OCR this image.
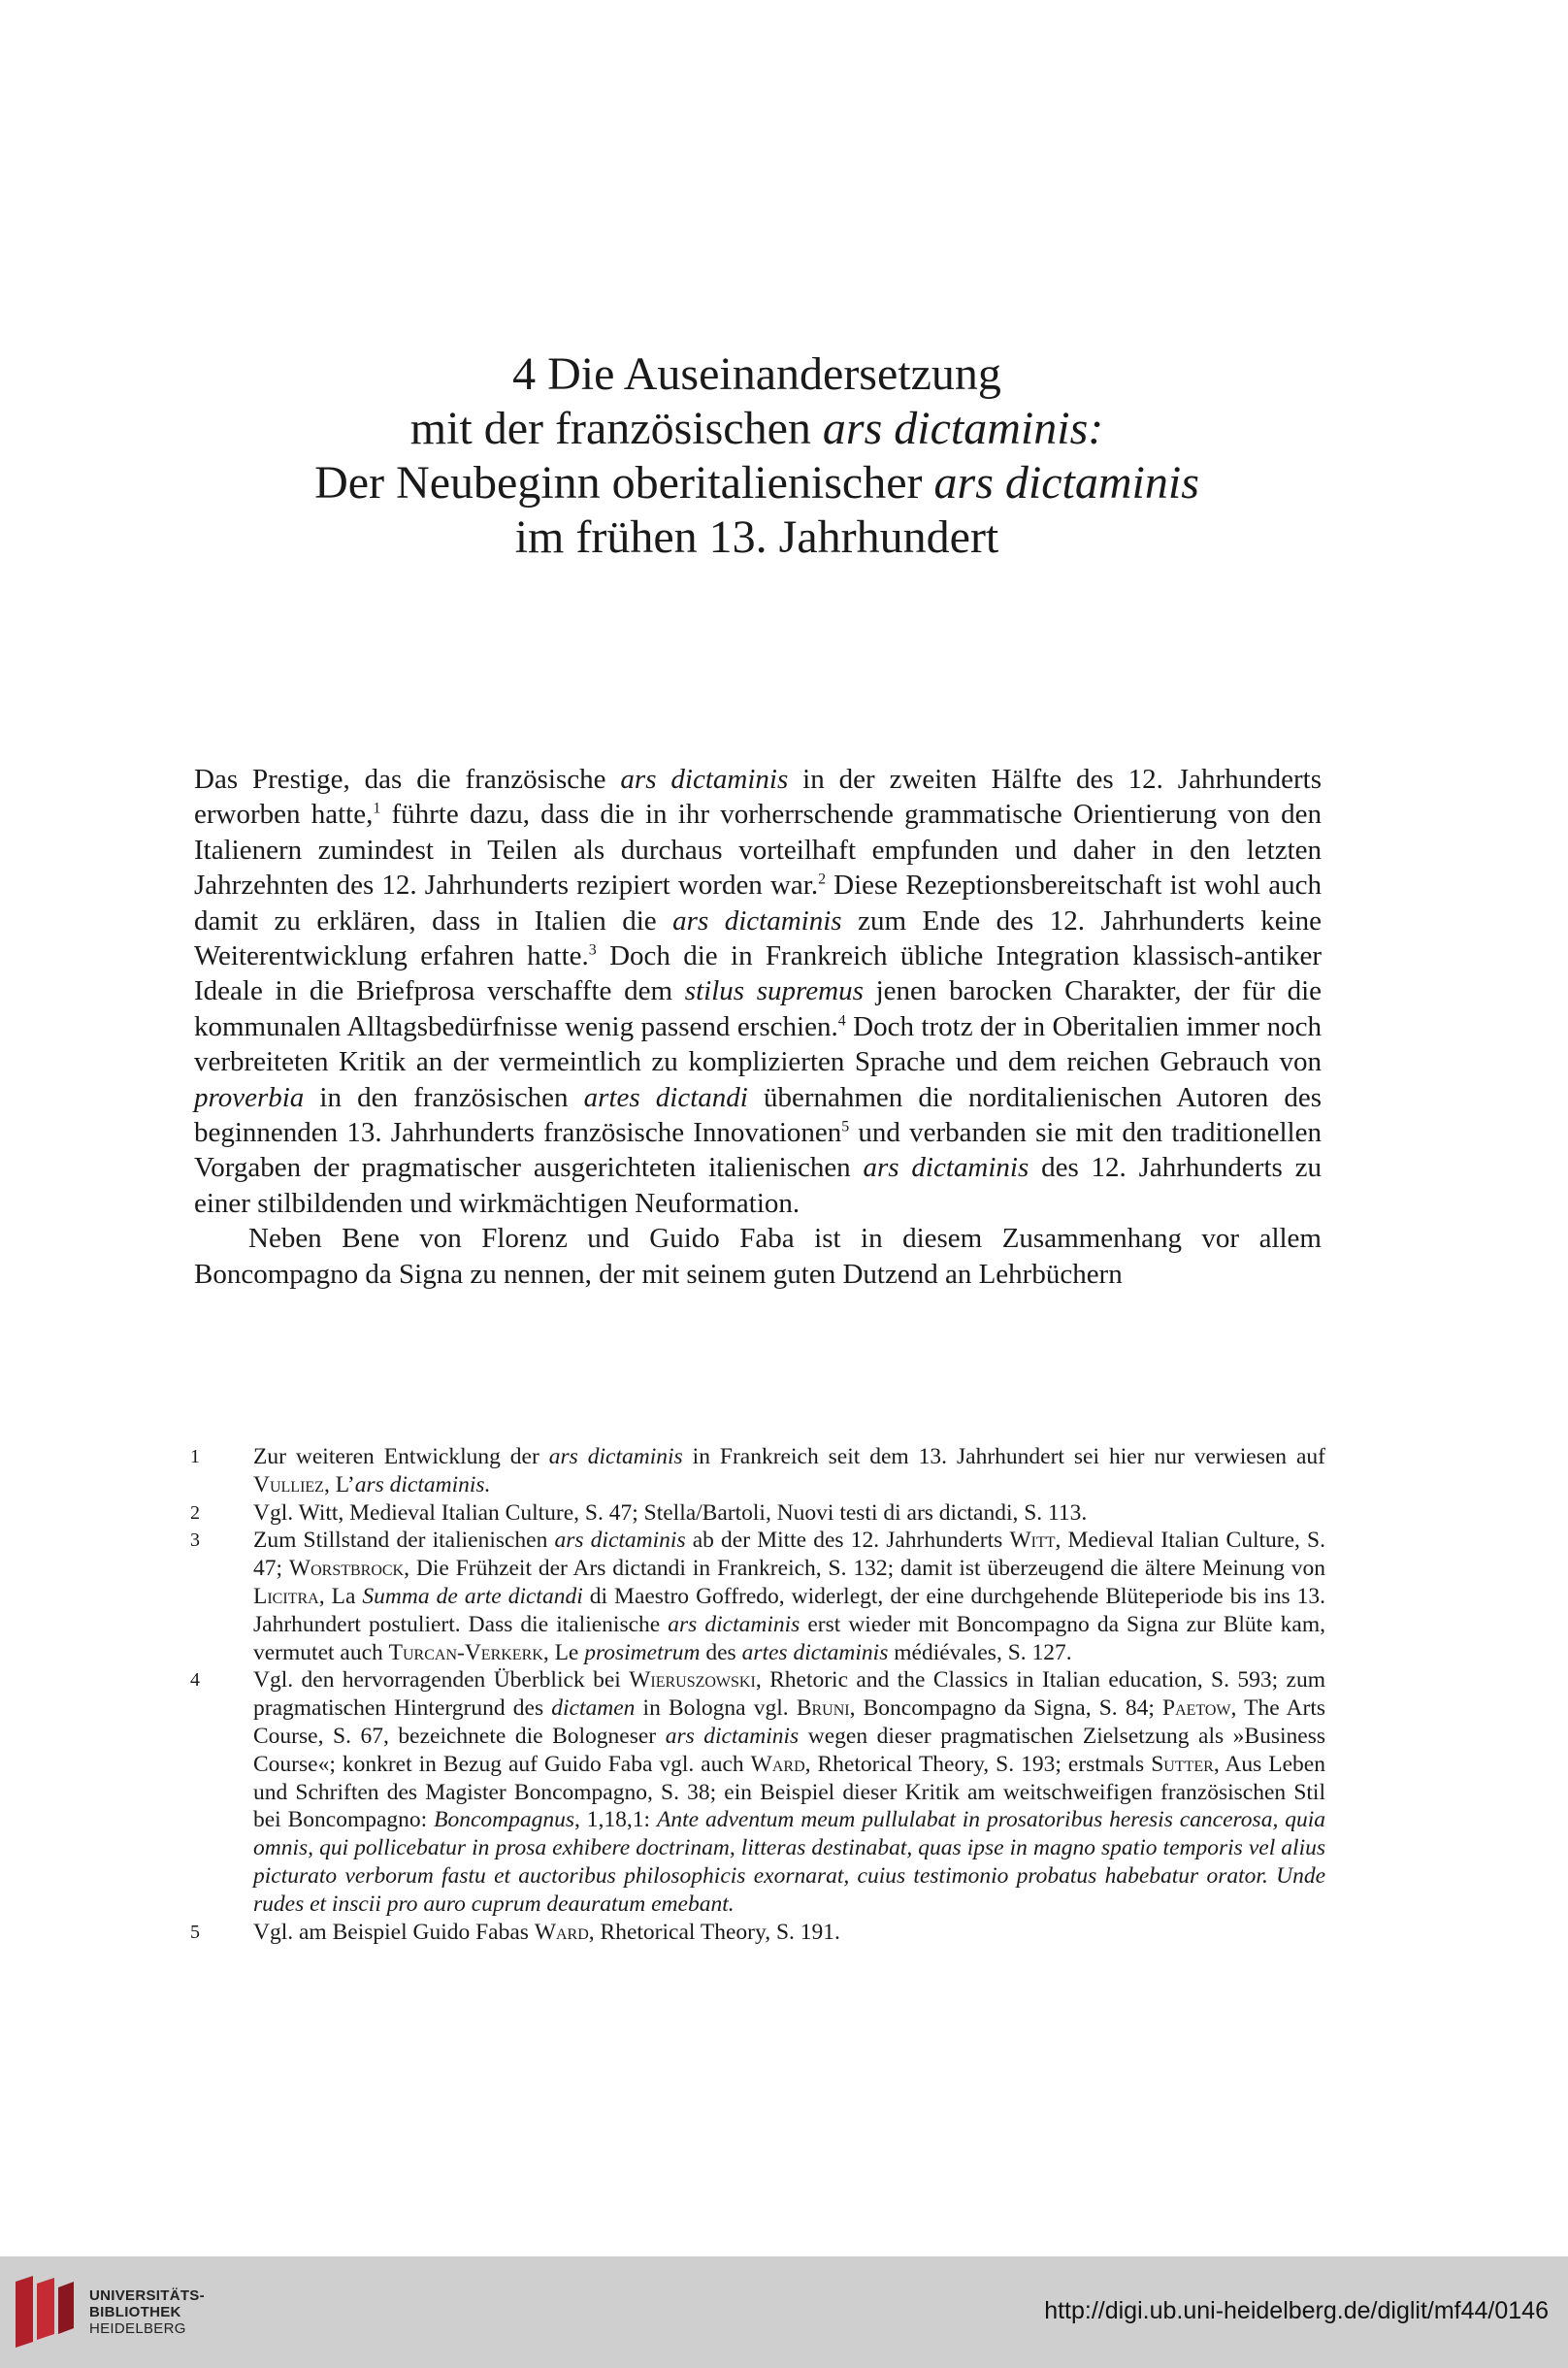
4 Die Auseinandersetzung
mit der französischen ars dictaminis:
Der Neubeginn oberitalienischer ars dictaminis
im frühen 13. Jahrhundert

Das Prestige, das die französische ars dictaminis in der zweiten Hälfte des 12. Jahrhunderts erworben hatte,$^1$ führte dazu, dass die in ihr vorherrschende grammatische Orientierung von den Italienern zumindest in Teilen als durchaus vorteilhaft empfunden und daher in den letzten Jahrzehnten des 12. Jahrhunderts rezipiert worden war.$^2$ Diese Rezeptionsbereitschaft ist wohl auch damit zu erklären, dass in Italien die ars dictaminis zum Ende des 12. Jahrhunderts keine Weiterentwicklung erfahren hatte.$^3$ Doch die in Frankreich übliche Integration klassisch-antiker Ideale in die Briefprosa verschaffte dem stilus supremus jenen barocken Charakter, der für die kommunalen Alltagsbedürfnisse wenig passend erschien.$^4$ Doch trotz der in Oberitalien immer noch verbreiteten Kritik an der vermeintlich zu komplizierten Sprache und dem reichen Gebrauch von proverbia in den französischen artes dictandi übernahmen die norditalienischen Autoren des beginnenden 13. Jahrhunderts französische Innovationen$^5$ und verbanden sie mit den traditionellen Vorgaben der pragmatischer ausgerichteten italienischen ars dictaminis des 12. Jahrhunderts zu einer stilbildenden und wirkmächtigen Neuformation.

Neben Bene von Florenz und Guido Faba ist in diesem Zusammenhang vor allem Boncompagno da Signa zu nennen, der mit seinem guten Dutzend an Lehrbüchern

1 Zur weiteren Entwicklung der ars dictaminis in Frankreich seit dem 13. Jahrhundert sei hier nur verwiesen auf Vulliez, L’ars dictaminis.

2 Vgl. Witt, Medieval Italian Culture, S. 47; Stella/Bartoli, Nuovi testi di ars dictandi, S. 113.

3 Zum Stillstand der italienischen ars dictaminis ab der Mitte des 12. Jahrhunderts Witt, Medieval Italian Culture, S. 47; Worstbrock, Die Frühzeit der Ars dictandi in Frankreich, S. 132; damit ist überzeugend die ältere Meinung von Licitra, La Summa de arte dictandi di Maestro Goffredo, widerlegt, der eine durchgehende Blüteperiode bis ins 13. Jahrhundert postuliert. Dass die italienische ars dictaminis erst wieder mit Boncompagno da Signa zur Blüte kam, vermutet auch Turcan-Verkerk, Le prosimetrum des artes dictaminis médiévales, S. 127.

4 Vgl. den hervorragenden Überblick bei Wieruszowski, Rhetoric and the Classics in Italian education, S. 593; zum pragmatischen Hintergrund des dictamen in Bologna vgl. Bruni, Boncompagno da Signa, S. 84; Paetow, The Arts Course, S. 67, bezeichnete die Bologneser ars dictaminis wegen dieser pragmatischen Zielsetzung als »Business Course«; konkret in Bezug auf Guido Faba vgl. auch Ward, Rhetorical Theory, S. 193; erstmals Sutter, Aus Leben und Schriften des Magister Boncompagno, S. 38; ein Beispiel dieser Kritik am weitschweifigen französischen Stil bei Boncompagno: Boncompagnus, 1,18,1: Ante adventum meum pullulabat in prosatoribus heresis cancerosa, quia omnis, qui pollicebatur in prosa exhibere doctrinam, litteras destinabat, quas ipse in magno spatio temporis vel alius picturato verborum fastu et auctoribus philosophicis exornarat, cuius testimonio probatus habebatur orator. Unde rudes et inscii pro auro cuprum deauratum emebant.

5 Vgl. am Beispiel Guido Fabas Ward, Rhetorical Theory, S. 191.

UNIVERSITÄTS-
BIBLIOTHEK
HEIDELBERG
http://digi.ub.uni-heidelberg.de/diglit/mf44/0146
